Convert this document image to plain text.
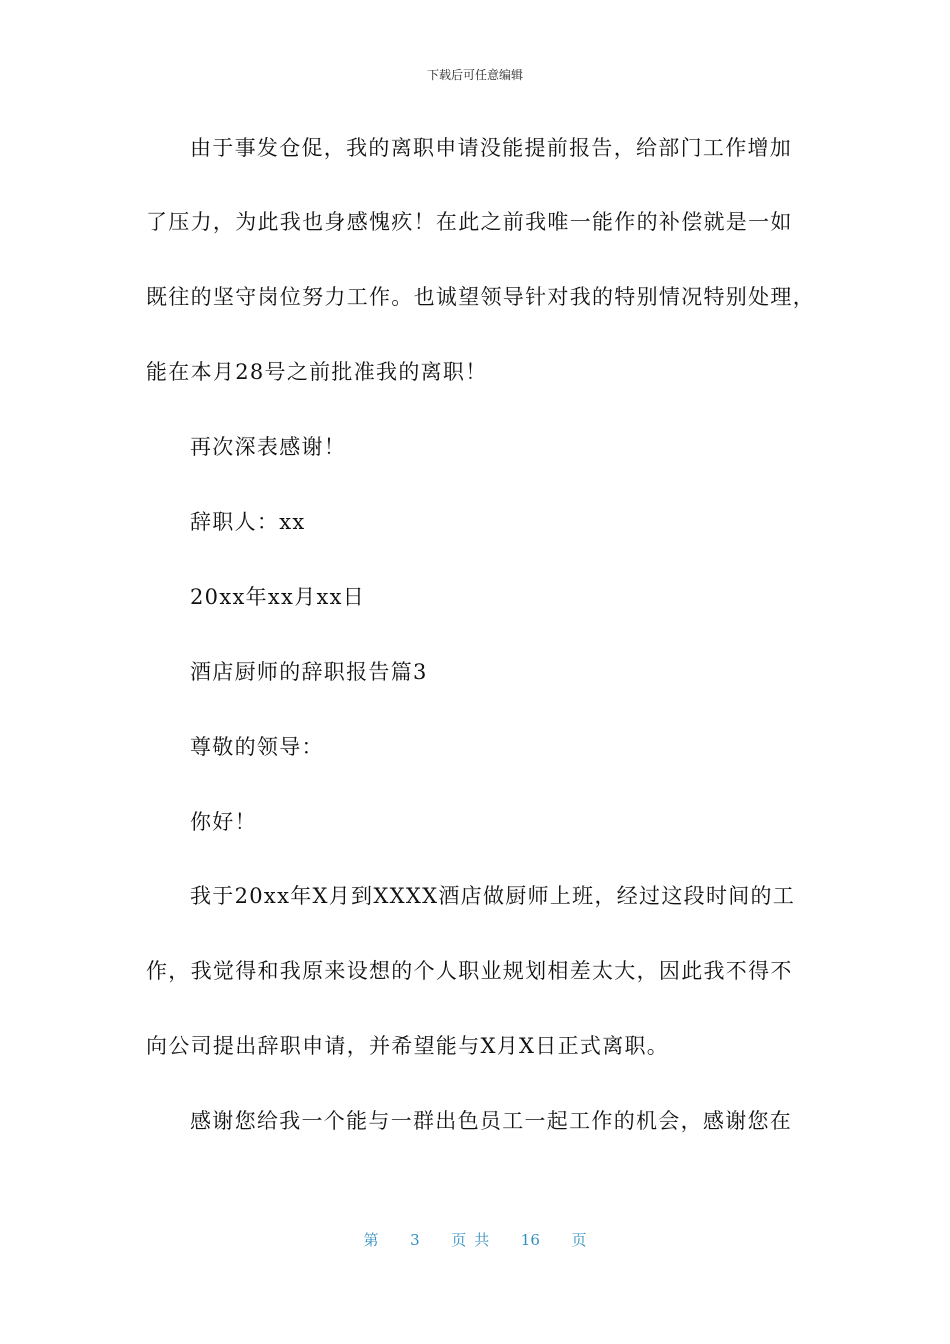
下载后可任意编辑
由于事发仓促，我的离职申请没能提前报告，给部门工作增加
了压力，为此我也身感愧疚！在此之前我唯一能作的补偿就是一如
既往的坚守岗位努力工作。也诚望领导针对我的特别情况特别处理，
能在本月28号之前批准我的离职！
再次深表感谢！
辞职人：xx
20xx年xx月xx日
酒店厨师的辞职报告篇3
尊敬的领导：
你好！
我于20xx年X月到XXXX酒店做厨师上班，经过这段时间的工
作，我觉得和我原来设想的个人职业规划相差太大，因此我不得不
向公司提出辞职申请，并希望能与X月X日正式离职。
感谢您给我一个能与一群出色员工一起工作的机会，感谢您在
第 3 页共 16 页
